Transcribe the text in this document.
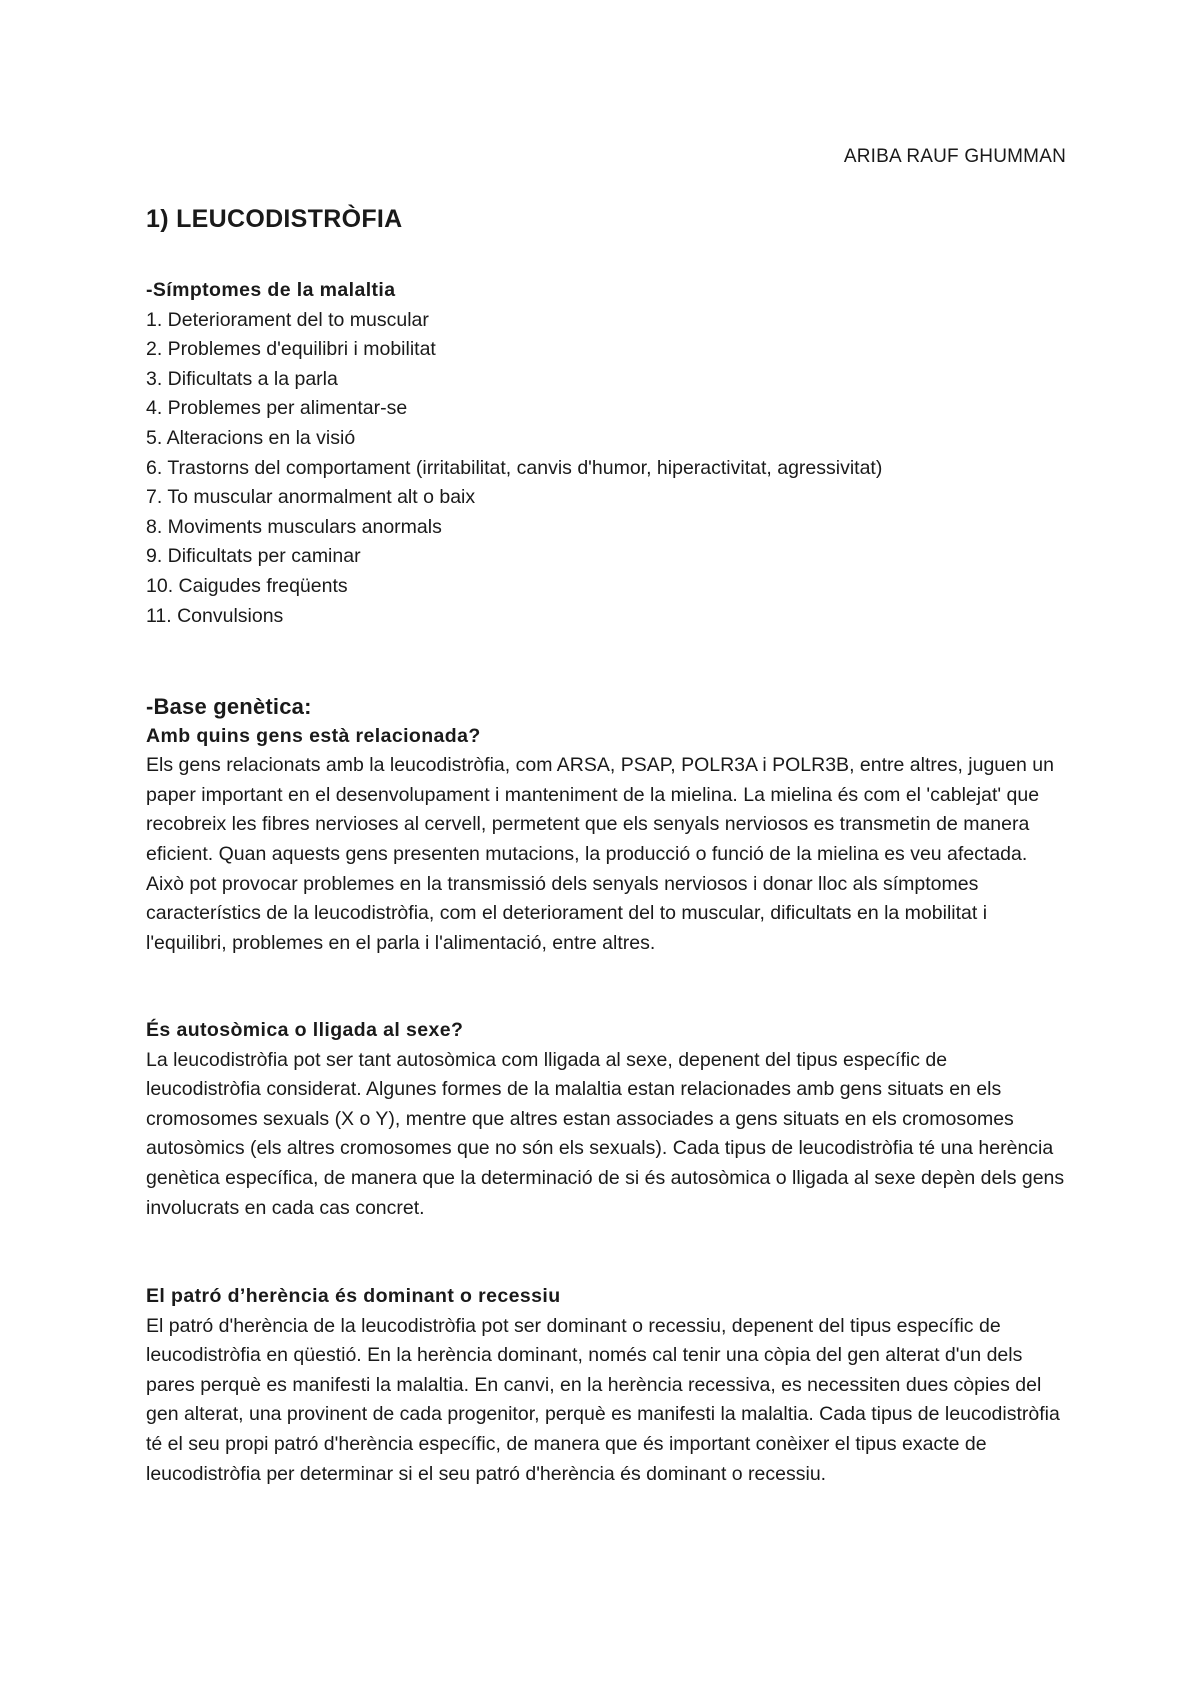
ARIBA RAUF GHUMMAN
1) LEUCODISTRÒFIA
-Símptomes de la malaltia
1. Deteriorament del to muscular
2. Problemes d'equilibri i mobilitat
3. Dificultats a la parla
4. Problemes per alimentar-se
5. Alteracions en la visió
6. Trastorns del comportament (irritabilitat, canvis d'humor, hiperactivitat, agressivitat)
7. To muscular anormalment alt o baix
8. Moviments musculars anormals
9. Dificultats per caminar
10. Caigudes freqüents
11. Convulsions
-Base genètica:
Amb quins gens està relacionada?

Els gens relacionats amb la leucodistròfia, com ARSA, PSAP, POLR3A i POLR3B, entre altres, juguen un paper important en el desenvolupament i manteniment de la mielina. La mielina és com el 'cablejat' que recobreix les fibres nervioses al cervell, permetent que els senyals nerviosos es transmetin de manera eficient. Quan aquests gens presenten mutacions, la producció o funció de la mielina es veu afectada. Això pot provocar problemes en la transmissió dels senyals nerviosos i donar lloc als símptomes característics de la leucodistròfia, com el deteriorament del to muscular, dificultats en la mobilitat i l'equilibri, problemes en el parla i l'alimentació, entre altres.

És autosòmica o lligada al sexe?

La leucodistròfia pot ser tant autosòmica com lligada al sexe, depenent del tipus específic de leucodistròfia considerat. Algunes formes de la malaltia estan relacionades amb gens situats en els cromosomes sexuals (X o Y), mentre que altres estan associades a gens situats en els cromosomes autosòmics (els altres cromosomes que no són els sexuals). Cada tipus de leucodistròfia té una herència genètica específica, de manera que la determinació de si és autosòmica o lligada al sexe depèn dels gens involucrats en cada cas concret.

El patró d’herència és dominant o recessiu

El patró d'herència de la leucodistròfia pot ser dominant o recessiu, depenent del tipus específic de leucodistròfia en qüestió. En la herència dominant, només cal tenir una còpia del gen alterat d'un dels pares perquè es manifesti la malaltia. En canvi, en la herència recessiva, es necessiten dues còpies del gen alterat, una provinent de cada progenitor, perquè es manifesti la malaltia. Cada tipus de leucodistròfia té el seu propi patró d'herència específic, de manera que és important conèixer el tipus exacte de leucodistròfia per determinar si el seu patró d'herència és dominant o recessiu.
